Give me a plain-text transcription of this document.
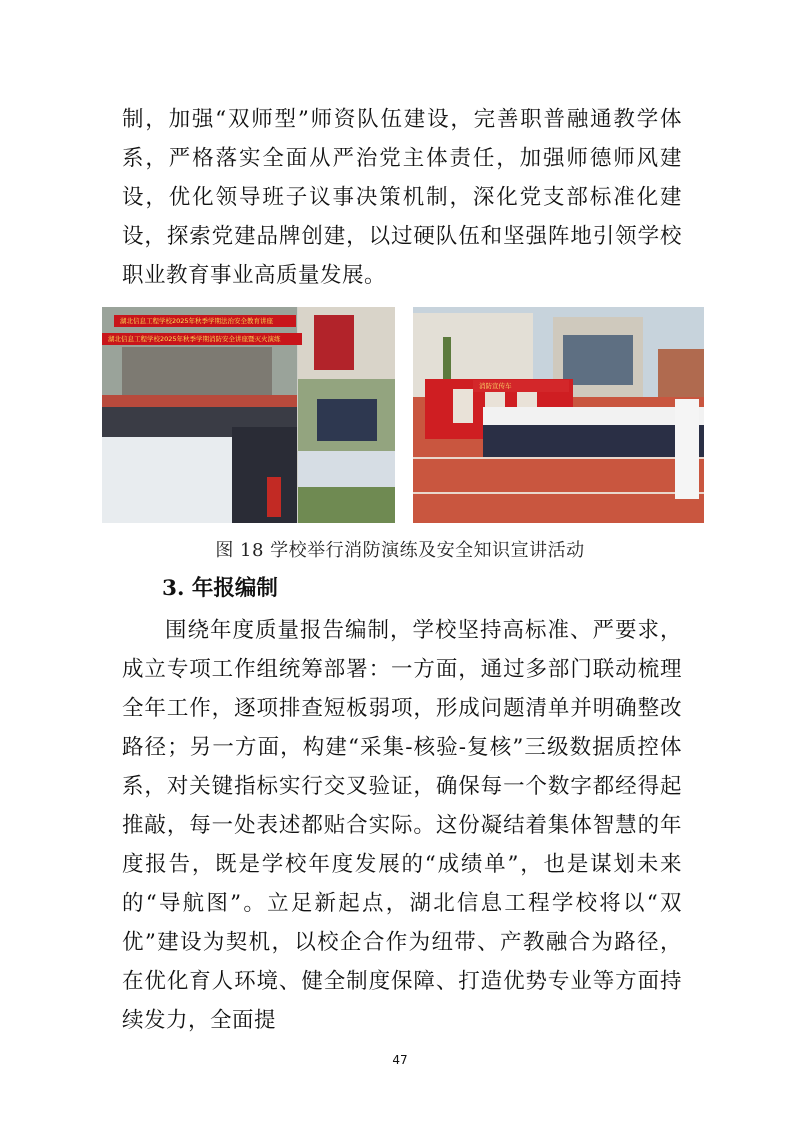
制，加强“双师型”师资队伍建设，完善职普融通教学体系，严格落实全面从严治党主体责任，加强师德师风建设，优化领导班子议事决策机制，深化党支部标准化建设，探索党建品牌创建，以过硬队伍和坚强阵地引领学校职业教育事业高质量发展。

湖北信息工程学校2025年秋季学期法治安全教育讲座
湖北信息工程学校2025年秋季学期消防安全讲座暨灭火演练
消防宣传车
图 18 学校举行消防演练及安全知识宣讲活动
3. 年报编制

围绕年度质量报告编制，学校坚持高标准、严要求，成立专项工作组统筹部署：一方面，通过多部门联动梳理全年工作，逐项排查短板弱项，形成问题清单并明确整改路径；另一方面，构建“采集-核验-复核”三级数据质控体系，对关键指标实行交叉验证，确保每一个数字都经得起推敲，每一处表述都贴合实际。这份凝结着集体智慧的年度报告，既是学校年度发展的“成绩单”，也是谋划未来的“导航图”。立足新起点，湖北信息工程学校将以“双优”建设为契机，以校企合作为纽带、产教融合为路径，在优化育人环境、健全制度保障、打造优势专业等方面持续发力，全面提

47
